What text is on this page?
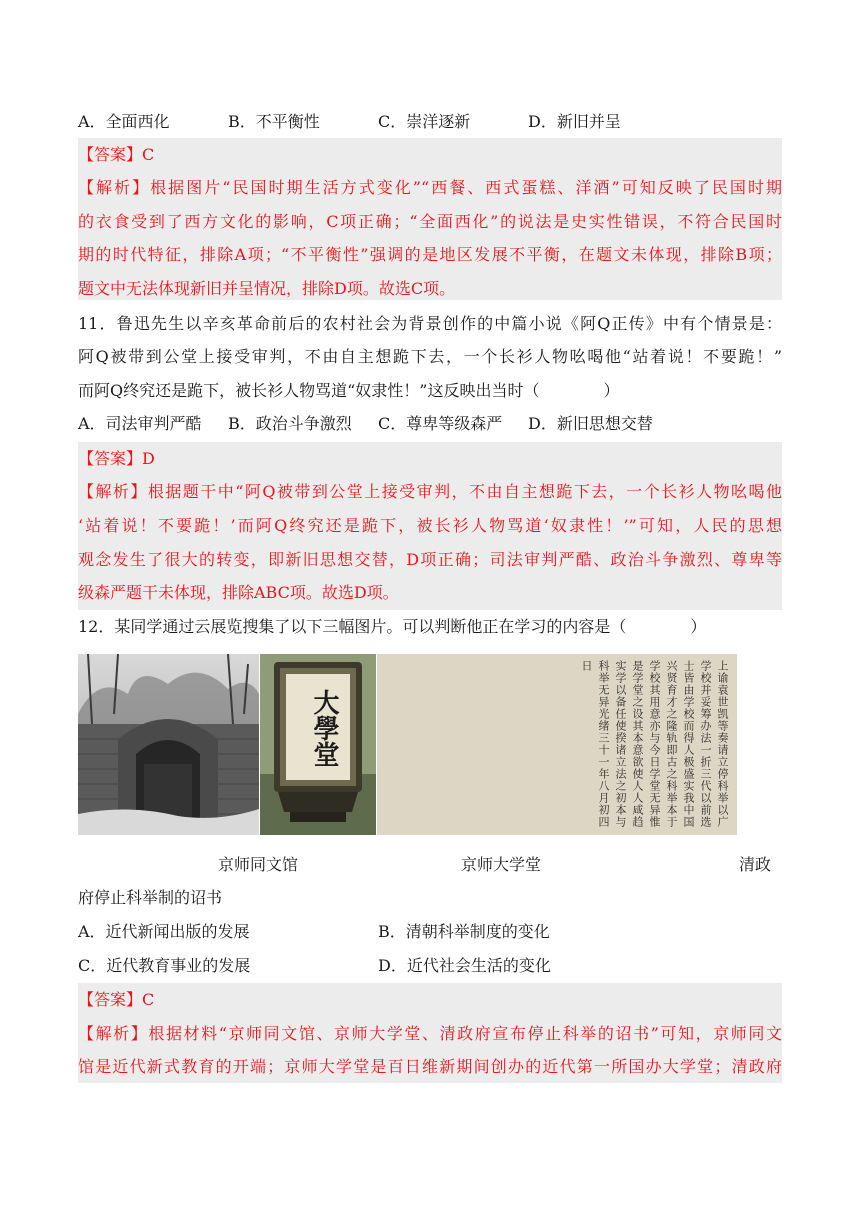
A．全面西化	B．不平衡性	C．崇洋逐新	D．新旧并呈
【答案】C
【解析】根据图片“民国时期生活方式变化”“西餐、西式蛋糕、洋酒”可知反映了民国时期
的衣食受到了西方文化的影响，C项正确；“全面西化”的说法是史实性错误，不符合民国时
期的时代特征，排除A项；“不平衡性”强调的是地区发展不平衡，在题文未体现，排除B项；
题文中无法体现新旧并呈情况，排除D项。故选C项。
11．鲁迅先生以辛亥革命前后的农村社会为背景创作的中篇小说《阿Q正传》中有个情景是：
阿Q被带到公堂上接受审判，不由自主想跪下去，一个长衫人物吆喝他“站着说！不要跪！”
而阿Q终究还是跪下，被长衫人物骂道“奴隶性！”这反映出当时（　　　　）
A．司法审判严酷 B．政治斗争激烈 C．尊卑等级森严 D．新旧思想交替
【答案】D
【解析】根据题干中“阿Q被带到公堂上接受审判，不由自主想跪下去，一个长衫人物吆喝他
‘站着说！不要跪！’而阿Q终究还是跪下，被长衫人物骂道‘奴隶性！’”可知，人民的思想
观念发生了很大的转变，即新旧思想交替，D项正确；司法审判严酷、政治斗争激烈、尊卑等
级森严题干未体现，排除ABC项。故选D项。
12．某同学通过云展览搜集了以下三幅图片。可以判断他正在学习的内容是（　　　　）
大學堂	上谕袁世凯等奏请立停科举以广学校并妥筹办法一折三代以前选士皆由学校而得人极盛实我中国兴贤育才之隆轨即古之科举本于学校其用意亦与今日学堂无异惟是学堂之设其本意欲使人人咸趋实学以备任使揆诸立法之初本与科举无异光绪三十一年八月初四日
京师同文馆	京师大学堂	清政
府停止科举制的诏书
A．近代新闻出版的发展	B．清朝科举制度的变化
C．近代教育事业的发展	D．近代社会生活的变化
【答案】C
【解析】根据材料“京师同文馆、京师大学堂、清政府宣布停止科举的诏书”可知，京师同文
馆是近代新式教育的开端；京师大学堂是百日维新期间创办的近代第一所国办大学堂；清政府
